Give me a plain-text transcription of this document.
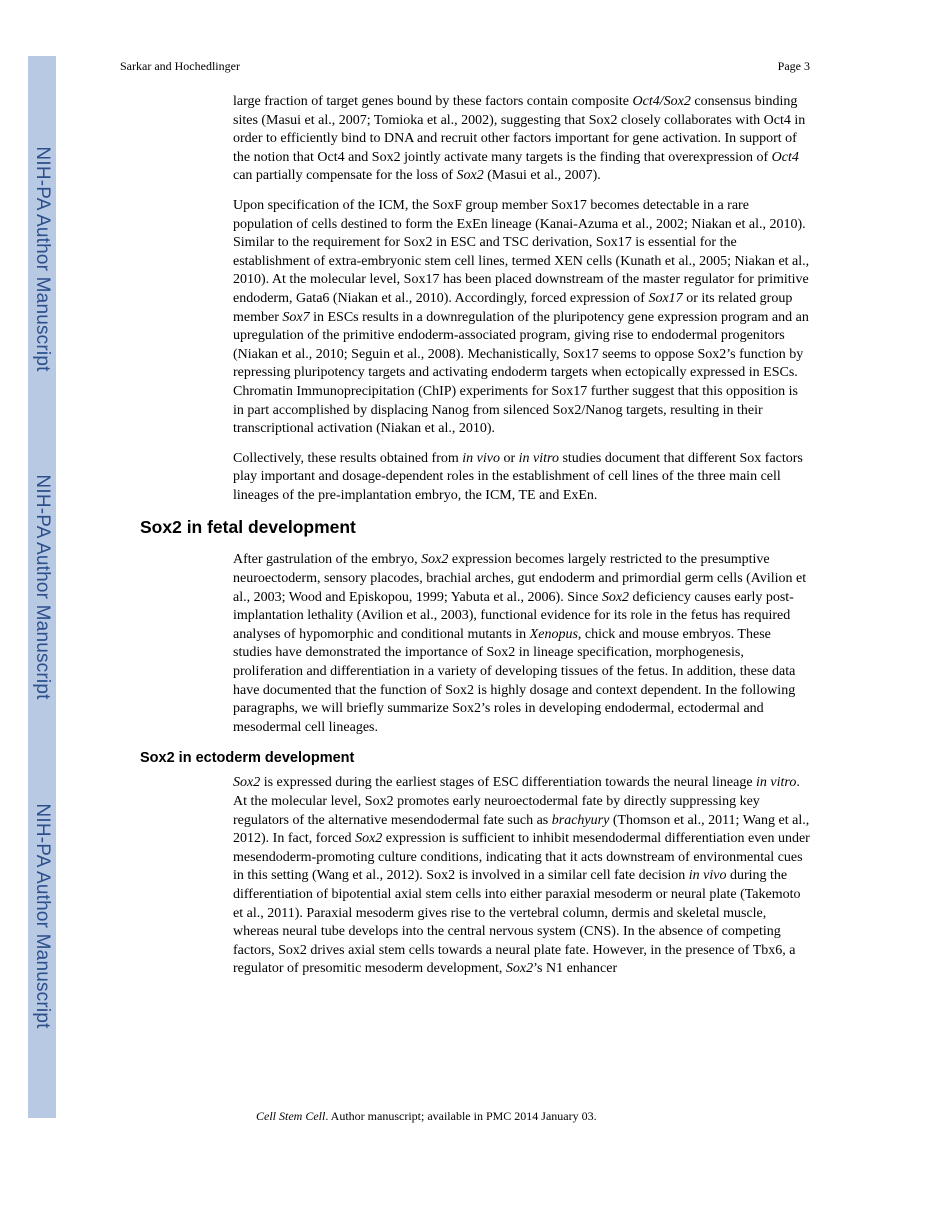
NIH-PA Author Manuscript
NIH-PA Author Manuscript
NIH-PA Author Manuscript
Sarkar and Hochedlinger	Page 3

large fraction of target genes bound by these factors contain composite Oct4/Sox2 consensus binding sites (Masui et al., 2007; Tomioka et al., 2002), suggesting that Sox2 closely collaborates with Oct4 in order to efficiently bind to DNA and recruit other factors important for gene activation. In support of the notion that Oct4 and Sox2 jointly activate many targets is the finding that overexpression of Oct4 can partially compensate for the loss of Sox2 (Masui et al., 2007).

Upon specification of the ICM, the SoxF group member Sox17 becomes detectable in a rare population of cells destined to form the ExEn lineage (Kanai-Azuma et al., 2002; Niakan et al., 2010). Similar to the requirement for Sox2 in ESC and TSC derivation, Sox17 is essential for the establishment of extra-embryonic stem cell lines, termed XEN cells (Kunath et al., 2005; Niakan et al., 2010). At the molecular level, Sox17 has been placed downstream of the master regulator for primitive endoderm, Gata6 (Niakan et al., 2010). Accordingly, forced expression of Sox17 or its related group member Sox7 in ESCs results in a downregulation of the pluripotency gene expression program and an upregulation of the primitive endoderm-associated program, giving rise to endodermal progenitors (Niakan et al., 2010; Seguin et al., 2008). Mechanistically, Sox17 seems to oppose Sox2’s function by repressing pluripotency targets and activating endoderm targets when ectopically expressed in ESCs. Chromatin Immunoprecipitation (ChIP) experiments for Sox17 further suggest that this opposition is in part accomplished by displacing Nanog from silenced Sox2/Nanog targets, resulting in their transcriptional activation (Niakan et al., 2010).

Collectively, these results obtained from in vivo or in vitro studies document that different Sox factors play important and dosage-dependent roles in the establishment of cell lines of the three main cell lineages of the pre-implantation embryo, the ICM, TE and ExEn.

Sox2 in fetal development

After gastrulation of the embryo, Sox2 expression becomes largely restricted to the presumptive neuroectoderm, sensory placodes, brachial arches, gut endoderm and primordial germ cells (Avilion et al., 2003; Wood and Episkopou, 1999; Yabuta et al., 2006). Since Sox2 deficiency causes early post-implantation lethality (Avilion et al., 2003), functional evidence for its role in the fetus has required analyses of hypomorphic and conditional mutants in Xenopus, chick and mouse embryos. These studies have demonstrated the importance of Sox2 in lineage specification, morphogenesis, proliferation and differentiation in a variety of developing tissues of the fetus. In addition, these data have documented that the function of Sox2 is highly dosage and context dependent. In the following paragraphs, we will briefly summarize Sox2’s roles in developing endodermal, ectodermal and mesodermal cell lineages.

Sox2 in ectoderm development

Sox2 is expressed during the earliest stages of ESC differentiation towards the neural lineage in vitro. At the molecular level, Sox2 promotes early neuroectodermal fate by directly suppressing key regulators of the alternative mesendodermal fate such as brachyury (Thomson et al., 2011; Wang et al., 2012). In fact, forced Sox2 expression is sufficient to inhibit mesendodermal differentiation even under mesendoderm-promoting culture conditions, indicating that it acts downstream of environmental cues in this setting (Wang et al., 2012). Sox2 is involved in a similar cell fate decision in vivo during the differentiation of bipotential axial stem cells into either paraxial mesoderm or neural plate (Takemoto et al., 2011). Paraxial mesoderm gives rise to the vertebral column, dermis and skeletal muscle, whereas neural tube develops into the central nervous system (CNS). In the absence of competing factors, Sox2 drives axial stem cells towards a neural plate fate. However, in the presence of Tbx6, a regulator of presomitic mesoderm development, Sox2’s N1 enhancer

Cell Stem Cell. Author manuscript; available in PMC 2014 January 03.
